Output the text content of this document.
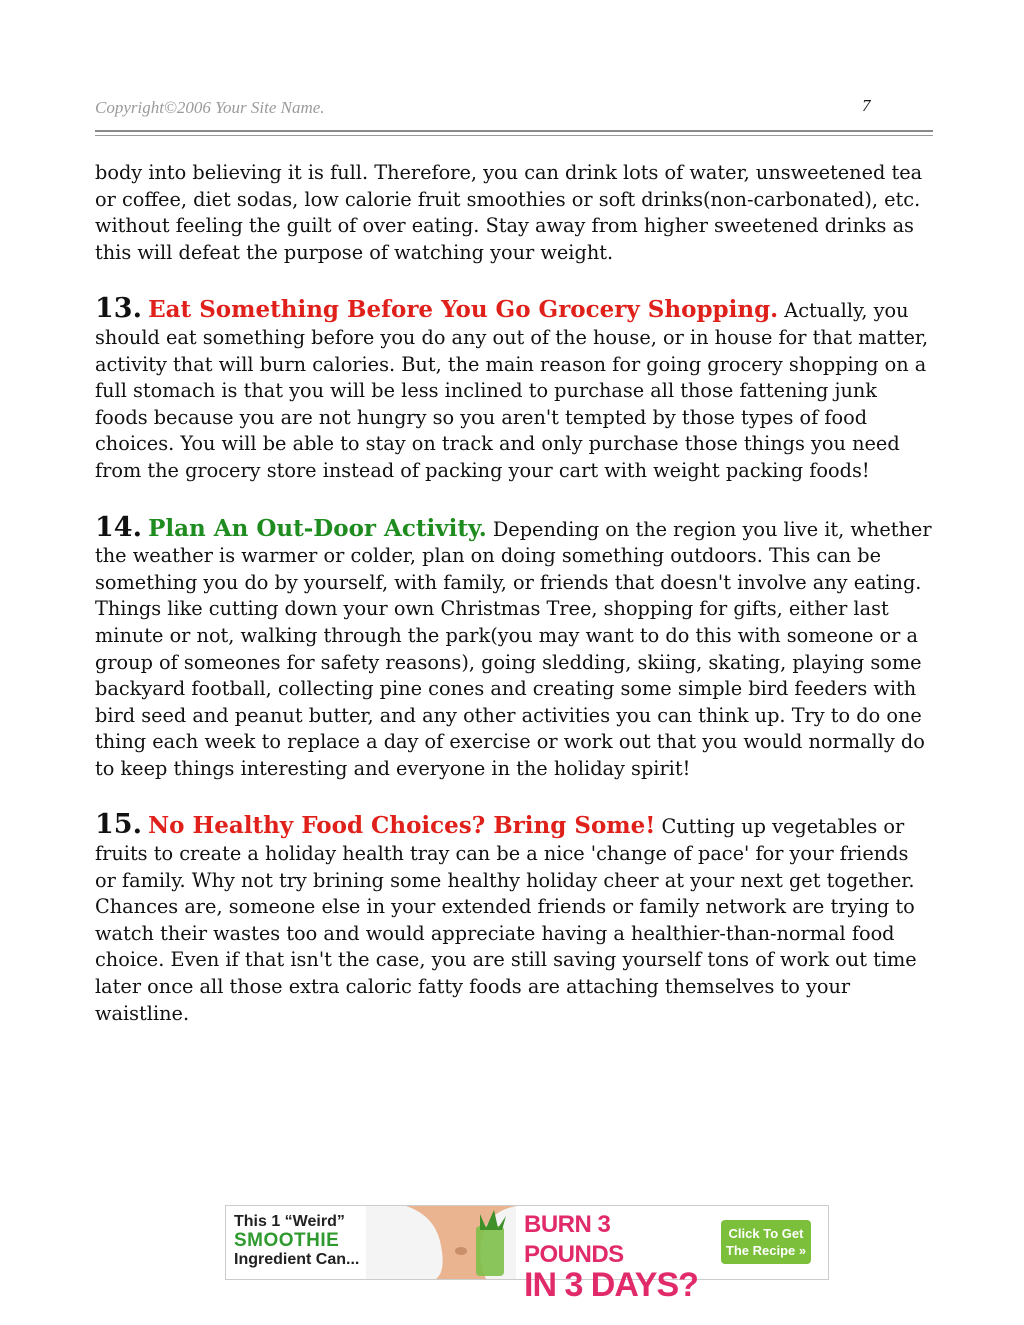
Copyright©2006 Your Site Name.	7

body into believing it is full. Therefore, you can drink lots of water, unsweetened tea or coffee, diet sodas, low calorie fruit smoothies or soft drinks(non-carbonated), etc. without feeling the guilt of over eating. Stay away from higher sweetened drinks as this will defeat the purpose of watching your weight.

13. Eat Something Before You Go Grocery Shopping. Actually, you should eat something before you do any out of the house, or in house for that matter, activity that will burn calories. But, the main reason for going grocery shopping on a full stomach is that you will be less inclined to purchase all those fattening junk foods because you are not hungry so you aren't tempted by those types of food choices. You will be able to stay on track and only purchase those things you need from the grocery store instead of packing your cart with weight packing foods!

14. Plan An Out-Door Activity. Depending on the region you live it, whether the weather is warmer or colder, plan on doing something outdoors. This can be something you do by yourself, with family, or friends that doesn't involve any eating. Things like cutting down your own Christmas Tree, shopping for gifts, either last minute or not, walking through the park(you may want to do this with someone or a group of someones for safety reasons), going sledding, skiing, skating, playing some backyard football, collecting pine cones and creating some simple bird feeders with bird seed and peanut butter, and any other activities you can think up. Try to do one thing each week to replace a day of exercise or work out that you would normally do to keep things interesting and everyone in the holiday spirit!

15. No Healthy Food Choices? Bring Some! Cutting up vegetables or fruits to create a holiday health tray can be a nice 'change of pace' for your friends or family. Why not try brining some healthy holiday cheer at your next get together. Chances are, someone else in your extended friends or family network are trying to watch their wastes too and would appreciate having a healthier-than-normal food choice. Even if that isn't the case, you are still saving yourself tons of work out time later once all those extra caloric fatty foods are attaching themselves to your waistline.

This 1 “Weird”
SMOOTHIE
Ingredient Can...
BURN 3 POUNDS
IN 3 DAYS?
Click To Get
The Recipe »
